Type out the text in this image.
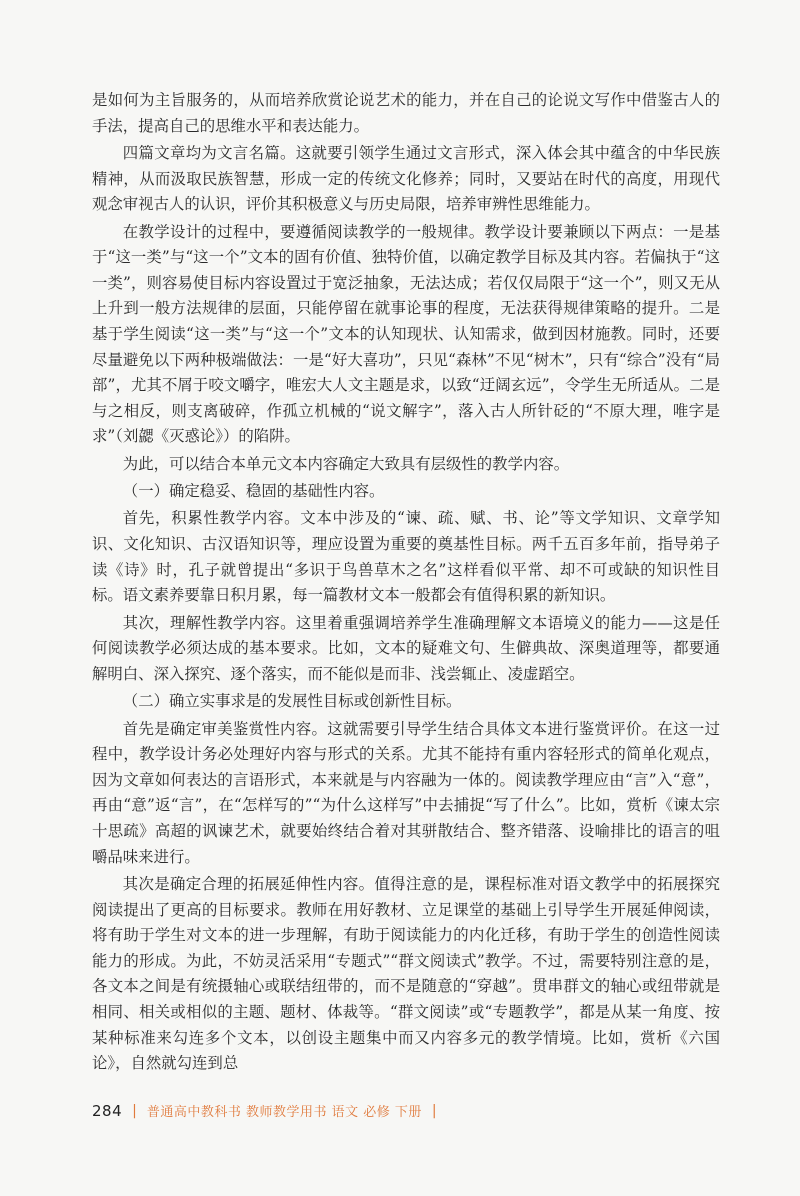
是如何为主旨服务的，从而培养欣赏论说艺术的能力，并在自己的论说文写作中借鉴古人的手法，提高自己的思维水平和表达能力。

四篇文章均为文言名篇。这就要引领学生通过文言形式，深入体会其中蕴含的中华民族精神，从而汲取民族智慧，形成一定的传统文化修养；同时，又要站在时代的高度，用现代观念审视古人的认识，评价其积极意义与历史局限，培养审辨性思维能力。

在教学设计的过程中，要遵循阅读教学的一般规律。教学设计要兼顾以下两点：一是基于“这一类”与“这一个”文本的固有价值、独特价值，以确定教学目标及其内容。若偏执于“这一类”，则容易使目标内容设置过于宽泛抽象，无法达成；若仅仅局限于“这一个”，则又无从上升到一般方法规律的层面，只能停留在就事论事的程度，无法获得规律策略的提升。二是基于学生阅读“这一类”与“这一个”文本的认知现状、认知需求，做到因材施教。同时，还要尽量避免以下两种极端做法：一是“好大喜功”，只见“森林”不见“树木”，只有“综合”没有“局部”，尤其不屑于咬文嚼字，唯宏大人文主题是求，以致“迂阔玄远”，令学生无所适从。二是与之相反，则支离破碎，作孤立机械的“说文解字”，落入古人所针砭的“不原大理，唯字是求”（刘勰《灭惑论》）的陷阱。

为此，可以结合本单元文本内容确定大致具有层级性的教学内容。

（一）确定稳妥、稳固的基础性内容。

首先，积累性教学内容。文本中涉及的“谏、疏、赋、书、论”等文学知识、文章学知识、文化知识、古汉语知识等，理应设置为重要的奠基性目标。两千五百多年前，指导弟子读《诗》时，孔子就曾提出“多识于鸟兽草木之名”这样看似平常、却不可或缺的知识性目标。语文素养要靠日积月累，每一篇教材文本一般都会有值得积累的新知识。

其次，理解性教学内容。这里着重强调培养学生准确理解文本语境义的能力——这是任何阅读教学必须达成的基本要求。比如，文本的疑难文句、生僻典故、深奥道理等，都要通解明白、深入探究、逐个落实，而不能似是而非、浅尝辄止、凌虚蹈空。

（二）确立实事求是的发展性目标或创新性目标。

首先是确定审美鉴赏性内容。这就需要引导学生结合具体文本进行鉴赏评价。在这一过程中，教学设计务必处理好内容与形式的关系。尤其不能持有重内容轻形式的简单化观点，因为文章如何表达的言语形式，本来就是与内容融为一体的。阅读教学理应由“言”入“意”，再由“意”返“言”，在“怎样写的”“为什么这样写”中去捕捉“写了什么”。比如，赏析《谏太宗十思疏》高超的讽谏艺术，就要始终结合着对其骈散结合、整齐错落、设喻排比的语言的咀嚼品味来进行。

其次是确定合理的拓展延伸性内容。值得注意的是，课程标准对语文教学中的拓展探究阅读提出了更高的目标要求。教师在用好教材、立足课堂的基础上引导学生开展延伸阅读，将有助于学生对文本的进一步理解，有助于阅读能力的内化迁移，有助于学生的创造性阅读能力的形成。为此，不妨灵活采用“专题式”“群文阅读式”教学。不过，需要特别注意的是，各文本之间是有统摄轴心或联结纽带的，而不是随意的“穿越”。贯串群文的轴心或纽带就是相同、相关或相似的主题、题材、体裁等。“群文阅读”或“专题教学”，都是从某一角度、按某种标准来勾连多个文本，以创设主题集中而又内容多元的教学情境。比如，赏析《六国论》，自然就勾连到总

284 | 普通高中教科书 教师教学用书 语文 必修 下册 |
